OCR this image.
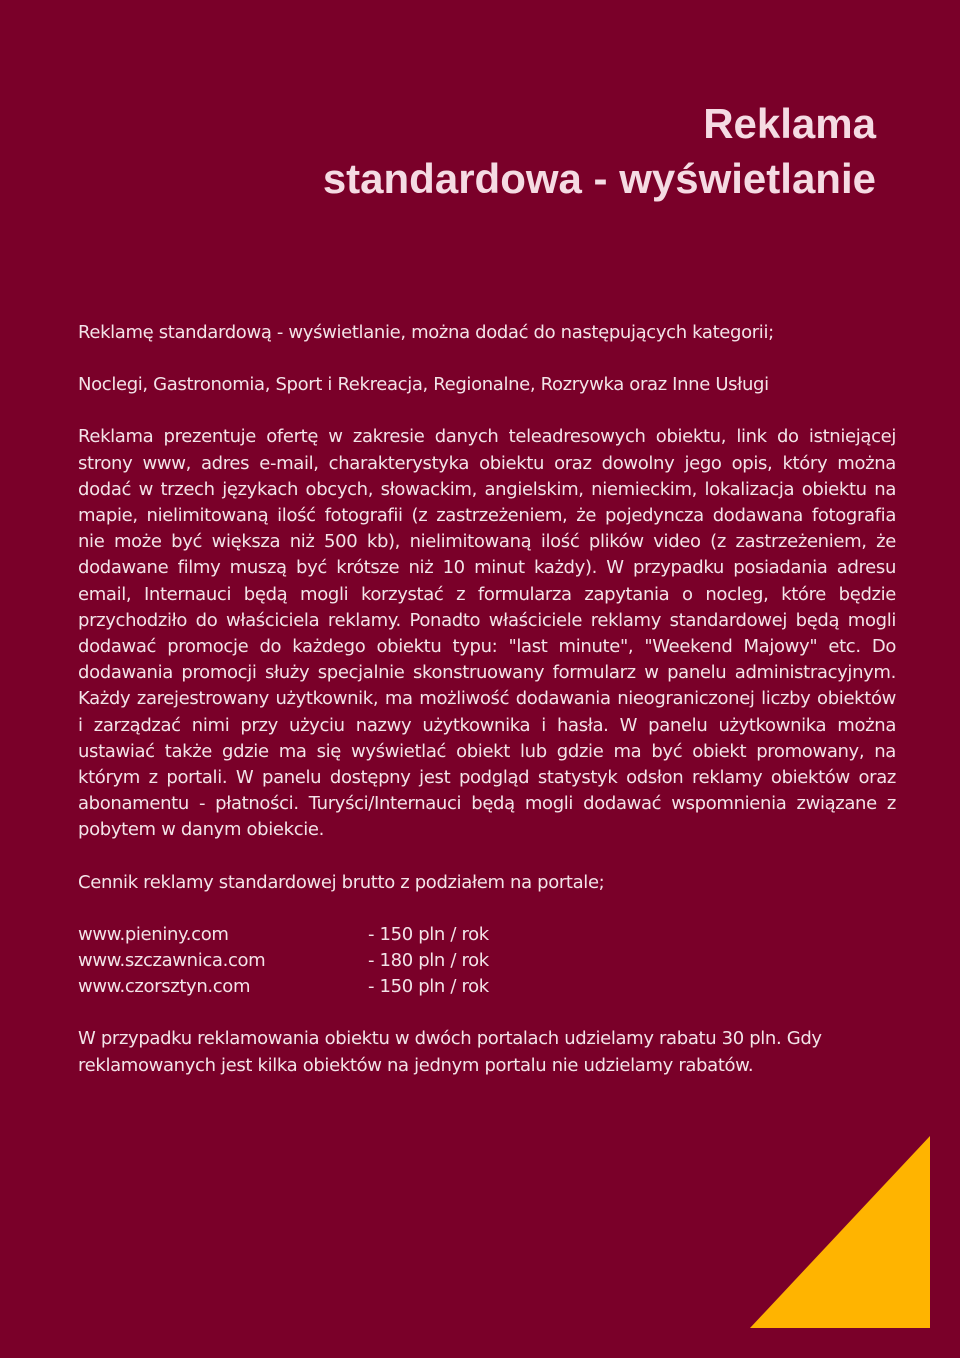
Reklama
standardowa - wyświetlanie

Reklamę standardową - wyświetlanie, można dodać do następujących kategorii;

Noclegi, Gastronomia, Sport i Rekreacja, Regionalne, Rozrywka oraz Inne Usługi

Reklama prezentuje ofertę w zakresie danych teleadresowych obiektu, link do istniejącej strony www, adres e-mail, charakterystyka obiektu oraz dowolny jego opis, który można dodać w trzech językach obcych, słowackim, angielskim, niemieckim, lokalizacja obiektu na mapie, nielimitowaną ilość fotografii (z zastrzeżeniem, że pojedyncza dodawana fotografia nie może być większa niż 500 kb), nielimitowaną ilość plików video (z zastrzeżeniem, że dodawane filmy muszą być krótsze niż 10 minut każdy). W przypadku posiadania adresu email, Internauci będą mogli korzystać z formularza zapytania o nocleg, które będzie przychodziło do właściciela reklamy. Ponadto właściciele reklamy standardowej będą mogli dodawać promocje do każdego obiektu typu: "last minute", "Weekend Majowy" etc. Do dodawania promocji służy specjalnie skonstruowany formularz w panelu administracyjnym. Każdy zarejestrowany użytkownik, ma możliwość dodawania nieograniczonej liczby obiektów i zarządzać nimi przy użyciu nazwy użytkownika i hasła. W panelu użytkownika można ustawiać także gdzie ma się wyświetlać obiekt lub gdzie ma być obiekt promowany, na którym z portali. W panelu dostępny jest podgląd statystyk odsłon reklamy obiektów oraz abonamentu - płatności. Turyści/Internauci będą mogli dodawać wspomnienia związane z pobytem w danym obiekcie.

Cennik reklamy standardowej brutto z podziałem na portale;

www.pieniny.com	- 150 pln / rok
www.szczawnica.com	- 180 pln / rok
www.czorsztyn.com	- 150 pln / rok

W przypadku reklamowania obiektu w dwóch portalach udzielamy rabatu 30 pln. Gdy reklamowanych jest kilka obiektów na jednym portalu nie udzielamy rabatów.
